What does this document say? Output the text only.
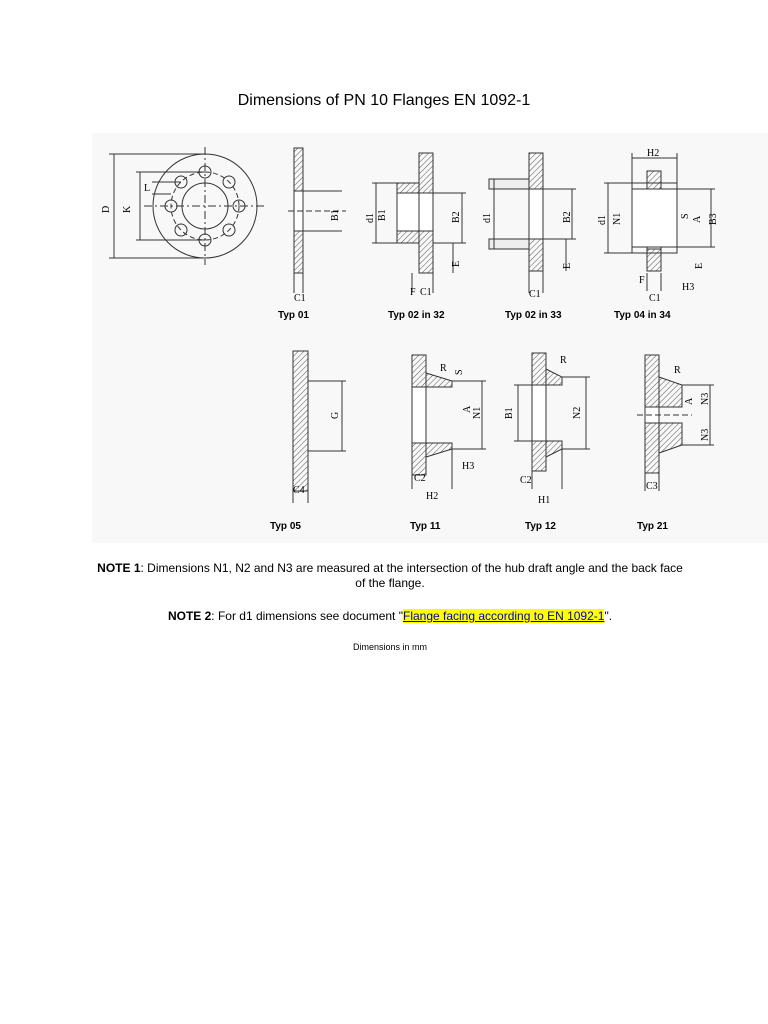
Dimensions of PN 10 Flanges EN 1092-1
D K
L
B1
C1
d1 B1	B2
E
F C1
d1	B2
E
C1
H2
d1 N1	S A B3
E
F
C1
H3
G
C4
R S
A N1
H3
C2
H2
R
B1	N2
C2
H1
R
A N3
N3
C3
Typ 01	Typ 02 in 32	Typ 02 in 33	Typ 04 in 34
Typ 05	Typ 11	Typ 12	Typ 21
NOTE 1: Dimensions N1, N2 and N3 are measured at the intersection of the hub draft angle and the back face of the flange.
NOTE 2: For d1 dimensions see document "Flange facing according to EN 1092-1".
Dimensions in mm
